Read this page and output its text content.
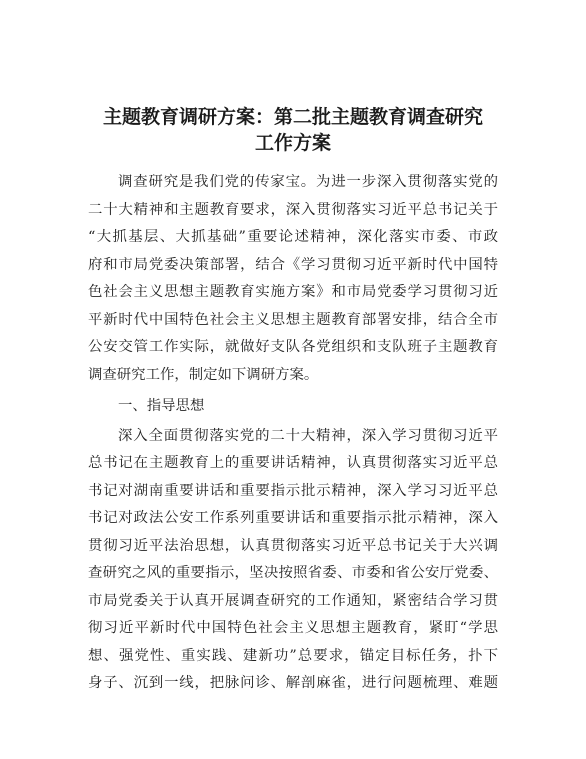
主题教育调研方案：第二批主题教育调查研究
工作方案
调查研究是我们党的传家宝。为进一步深入贯彻落实党的
二十大精神和主题教育要求，深入贯彻落实习近平总书记关于
“大抓基层、大抓基础”重要论述精神，深化落实市委、市政
府和市局党委决策部署，结合《学习贯彻习近平新时代中国特
色社会主义思想主题教育实施方案》和市局党委学习贯彻习近
平新时代中国特色社会主义思想主题教育部署安排，结合全市
公安交管工作实际，就做好支队各党组织和支队班子主题教育
调查研究工作，制定如下调研方案。
一、指导思想
深入全面贯彻落实党的二十大精神，深入学习贯彻习近平
总书记在主题教育上的重要讲话精神，认真贯彻落实习近平总
书记对湖南重要讲话和重要指示批示精神，深入学习习近平总
书记对政法公安工作系列重要讲话和重要指示批示精神，深入
贯彻习近平法治思想，认真贯彻落实习近平总书记关于大兴调
查研究之风的重要指示，坚决按照省委、市委和省公安厅党委、
市局党委关于认真开展调查研究的工作通知，紧密结合学习贯
彻习近平新时代中国特色社会主义思想主题教育，紧盯“学思
想、强党性、重实践、建新功”总要求，锚定目标任务，扑下
身子、沉到一线，把脉问诊、解剖麻雀，进行问题梳理、难题
